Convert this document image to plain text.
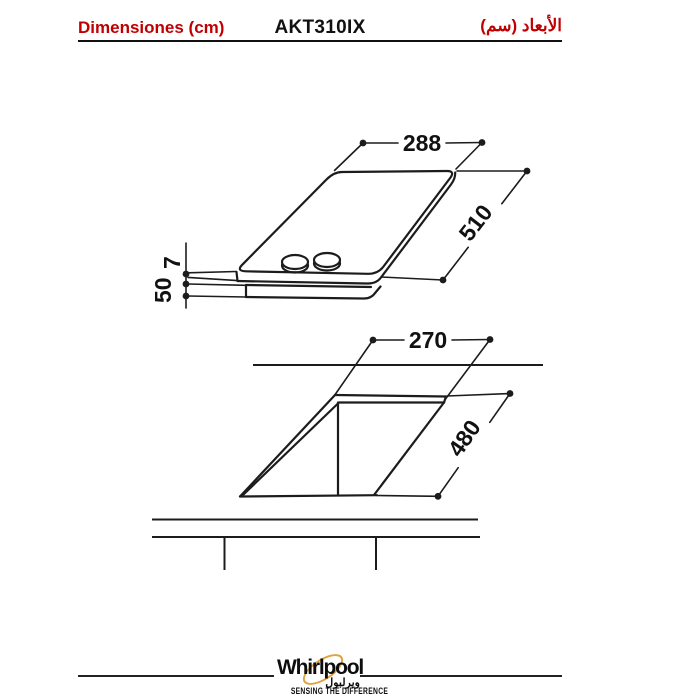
Dimensiones (cm)	AKT310IX	الأبعاد (سم)
288
510
7
50
270
480
Whirlpool
ويرلبول
SENSING THE DIFFERENCE
